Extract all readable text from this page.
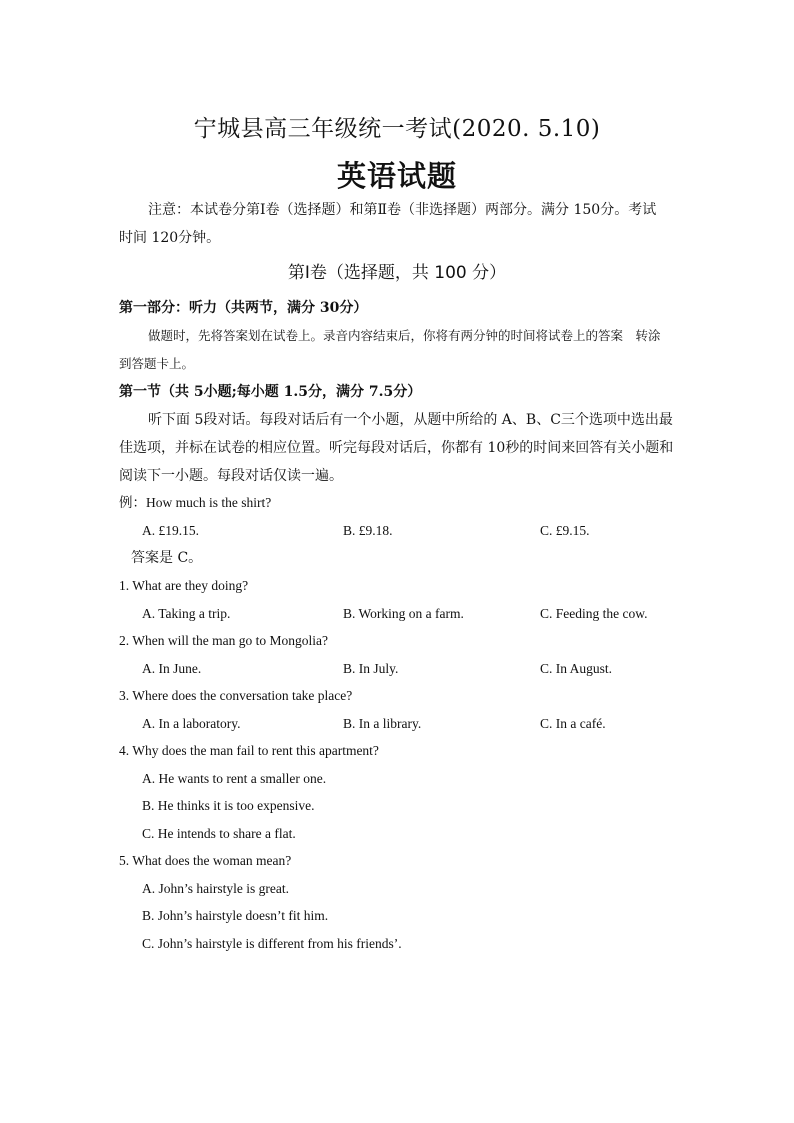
宁城县高三年级统一考试(2020. 5.10)
英语试题
注意：本试卷分第Ⅰ卷（选择题）和第Ⅱ卷（非选择题）两部分。满分 150分。考试
时间 120分钟。
第Ⅰ卷（选择题，共 100 分）
第一部分：听力（共两节，满分 30分）
做题时，先将答案划在试卷上。录音内容结束后，你将有两分钟的时间将试卷上的答案　转涂
到答题卡上。
第一节（共 5小题;每小题 1.5分，满分 7.5分）
听下面 5段对话。每段对话后有一个小题，从题中所给的 A、B、C三个选项中选出最
佳选项，并标在试卷的相应位置。听完每段对话后，你都有 10秒的时间来回答有关小题和
阅读下一小题。每段对话仅读一遍。
例：How much is the shirt?
A. £19.15.	B. £9.18.	C. £9.15.
答案是 C。
1. What are they doing?
A. Taking a trip.	B. Working on a farm.	C. Feeding the cow.
2. When will the man go to Mongolia?
A. In June.	B. In July.	C. In August.
3. Where does the conversation take place?
A. In a laboratory.	B. In a library.	C. In a café.
4. Why does the man fail to rent this apartment?
A. He wants to rent a smaller one.
B. He thinks it is too expensive.
C. He intends to share a flat.
5. What does the woman mean?
A. John’s hairstyle is great.
B. John’s hairstyle doesn’t fit him.
C. John’s hairstyle is different from his friends’.
